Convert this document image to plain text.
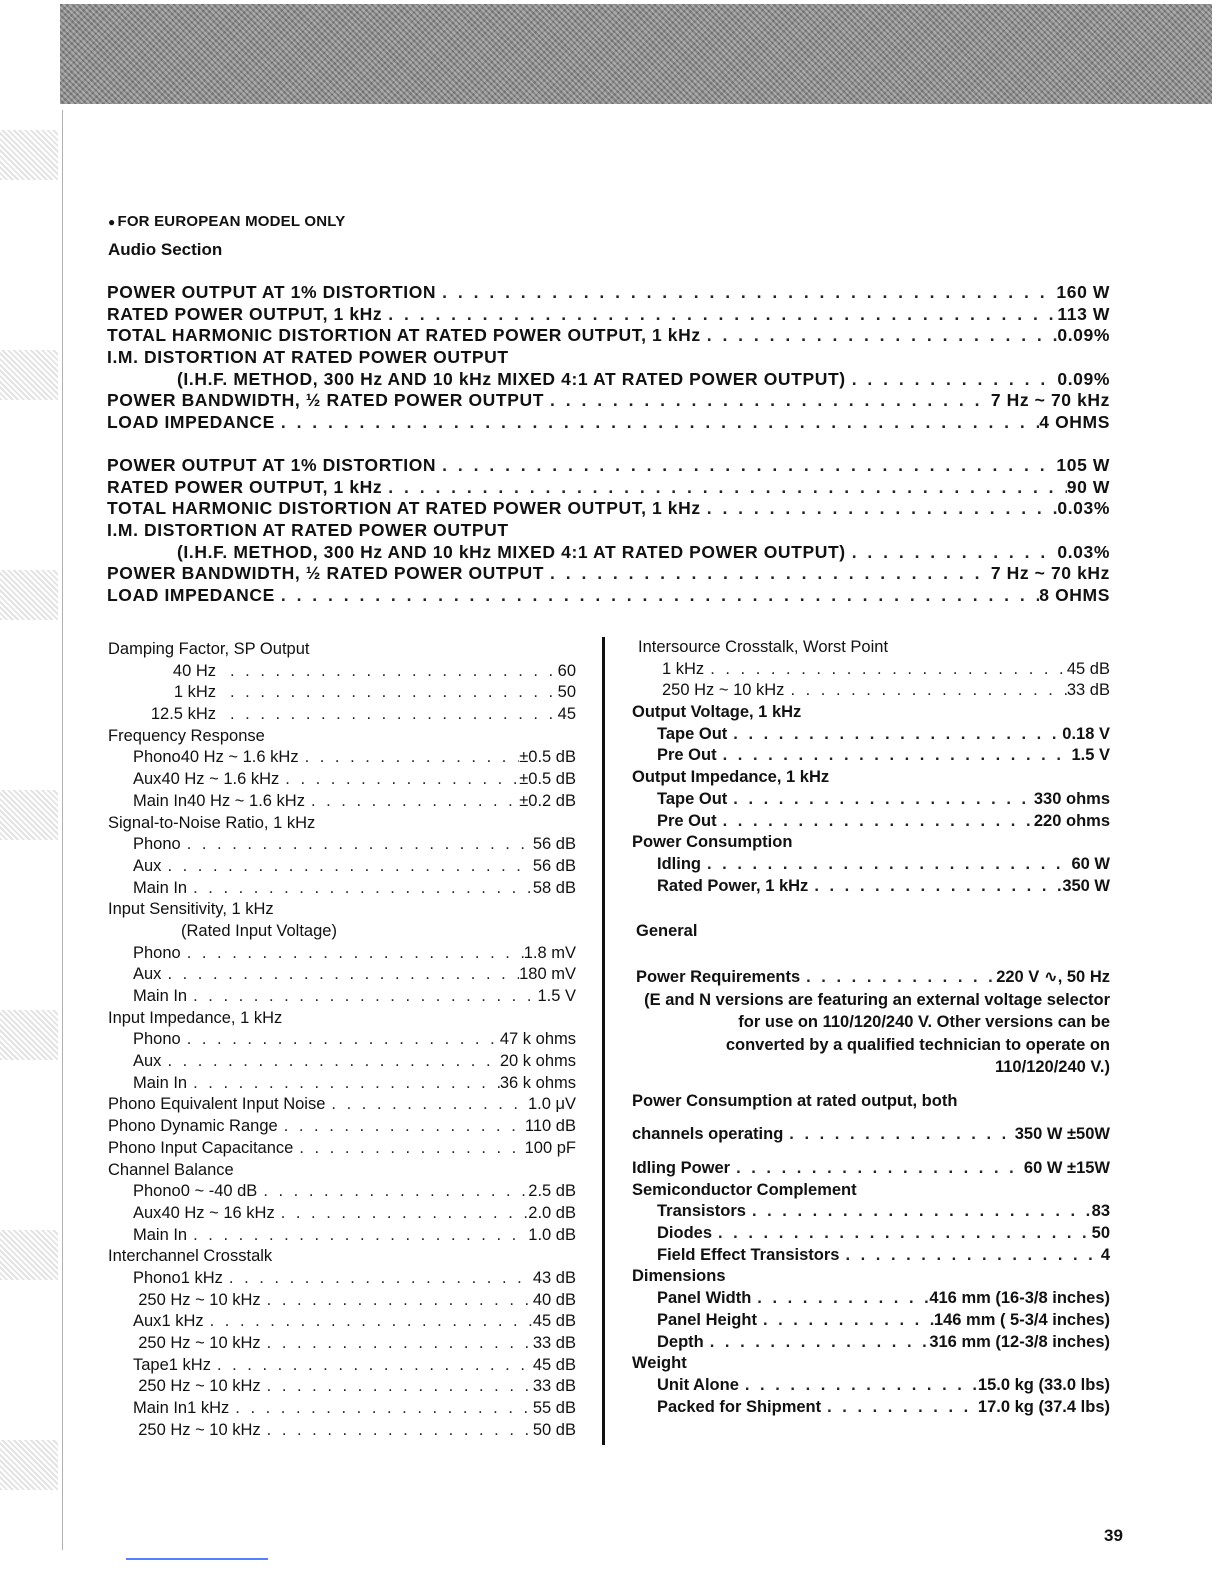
● FOR EUROPEAN MODEL ONLY
Audio Section
POWER OUTPUT AT 1% DISTORTION . . .	160 W
RATED POWER OUTPUT, 1 kHz . . .	113 W
TOTAL HARMONIC DISTORTION AT RATED POWER OUTPUT, 1 kHz . . .	0.09%
I.M. DISTORTION AT RATED POWER OUTPUT
(I.H.F. METHOD, 300 Hz AND 10 kHz MIXED 4:1 AT RATED POWER OUTPUT) . . .	0.09%
POWER BANDWIDTH, ½ RATED POWER OUTPUT . . .	7 Hz ~ 70 kHz
LOAD IMPEDANCE . . .	4 OHMS
POWER OUTPUT AT 1% DISTORTION . . .	105 W
RATED POWER OUTPUT, 1 kHz . . .	90 W
TOTAL HARMONIC DISTORTION AT RATED POWER OUTPUT, 1 kHz . . .	0.03%
I.M. DISTORTION AT RATED POWER OUTPUT
(I.H.F. METHOD, 300 Hz AND 10 kHz MIXED 4:1 AT RATED POWER OUTPUT) . . .	0.03%
POWER BANDWIDTH, ½ RATED POWER OUTPUT . . .	7 Hz ~ 70 kHz
LOAD IMPEDANCE . . .	8 OHMS
Damping Factor, SP Output
40 Hz . . .	60
1 kHz . . .	50
12.5 kHz . . .	45
Frequency Response
Phono 40 Hz ~ 1.6 kHz . . .	±0.5 dB
Aux 40 Hz ~ 1.6 kHz . . .	±0.5 dB
Main In 40 Hz ~ 1.6 kHz . . .	±0.2 dB
Signal-to-Noise Ratio, 1 kHz
Phono . . .	56 dB
Aux . . .	56 dB
Main In . . .	58 dB
Input Sensitivity, 1 kHz
(Rated Input Voltage)
Phono . . .	1.8 mV
Aux . . .	180 mV
Main In . . .	1.5 V
Input Impedance, 1 kHz
Phono . . .	47 k ohms
Aux . . .	20 k ohms
Main In . . .	36 k ohms
Phono Equivalent Input Noise . . .	1.0 μV
Phono Dynamic Range . . .	110 dB
Phono Input Capacitance . . .	100 pF
Channel Balance
Phono 0 ~ -40 dB . . .	2.5 dB
Aux 40 Hz ~ 16 kHz . . .	2.0 dB
Main In . . .	1.0 dB
Interchannel Crosstalk
Phono 1 kHz . . .	43 dB
250 Hz ~ 10 kHz . . .	40 dB
Aux 1 kHz . . .	45 dB
250 Hz ~ 10 kHz . . .	33 dB
Tape 1 kHz . . .	45 dB
250 Hz ~ 10 kHz . . .	33 dB
Main In 1 kHz . . .	55 dB
250 Hz ~ 10 kHz . . .	50 dB
Intersource Crosstalk, Worst Point
1 kHz . . .	45 dB
250 Hz ~ 10 kHz . . .	33 dB
Output Voltage, 1 kHz
Tape Out . . .	0.18 V
Pre Out . . .	1.5 V
Output Impedance, 1 kHz
Tape Out . . .	330 ohms
Pre Out . . .	220 ohms
Power Consumption
Idling . . .	60 W
Rated Power, 1 kHz . . .	350 W
General
Power Requirements . . .	220 V ∿, 50 Hz
(E and N versions are featuring an external voltage selector
for use on 110/120/240 V. Other versions can be
converted by a qualified technician to operate on
110/120/240 V.)
Power Consumption at rated output, both
channels operating . . .	350 W ±50W
Idling Power . . .	60 W ±15W
Semiconductor Complement
Transistors . . .	83
Diodes . . .	50
Field Effect Transistors . . .	4
Dimensions
Panel Width . . .	416 mm (16-3/8 inches)
Panel Height . . .	146 mm ( 5-3/4 inches)
Depth . . .	316 mm (12-3/8 inches)
Weight
Unit Alone . . .	15.0 kg (33.0 lbs)
Packed for Shipment . . .	17.0 kg (37.4 lbs)
39
